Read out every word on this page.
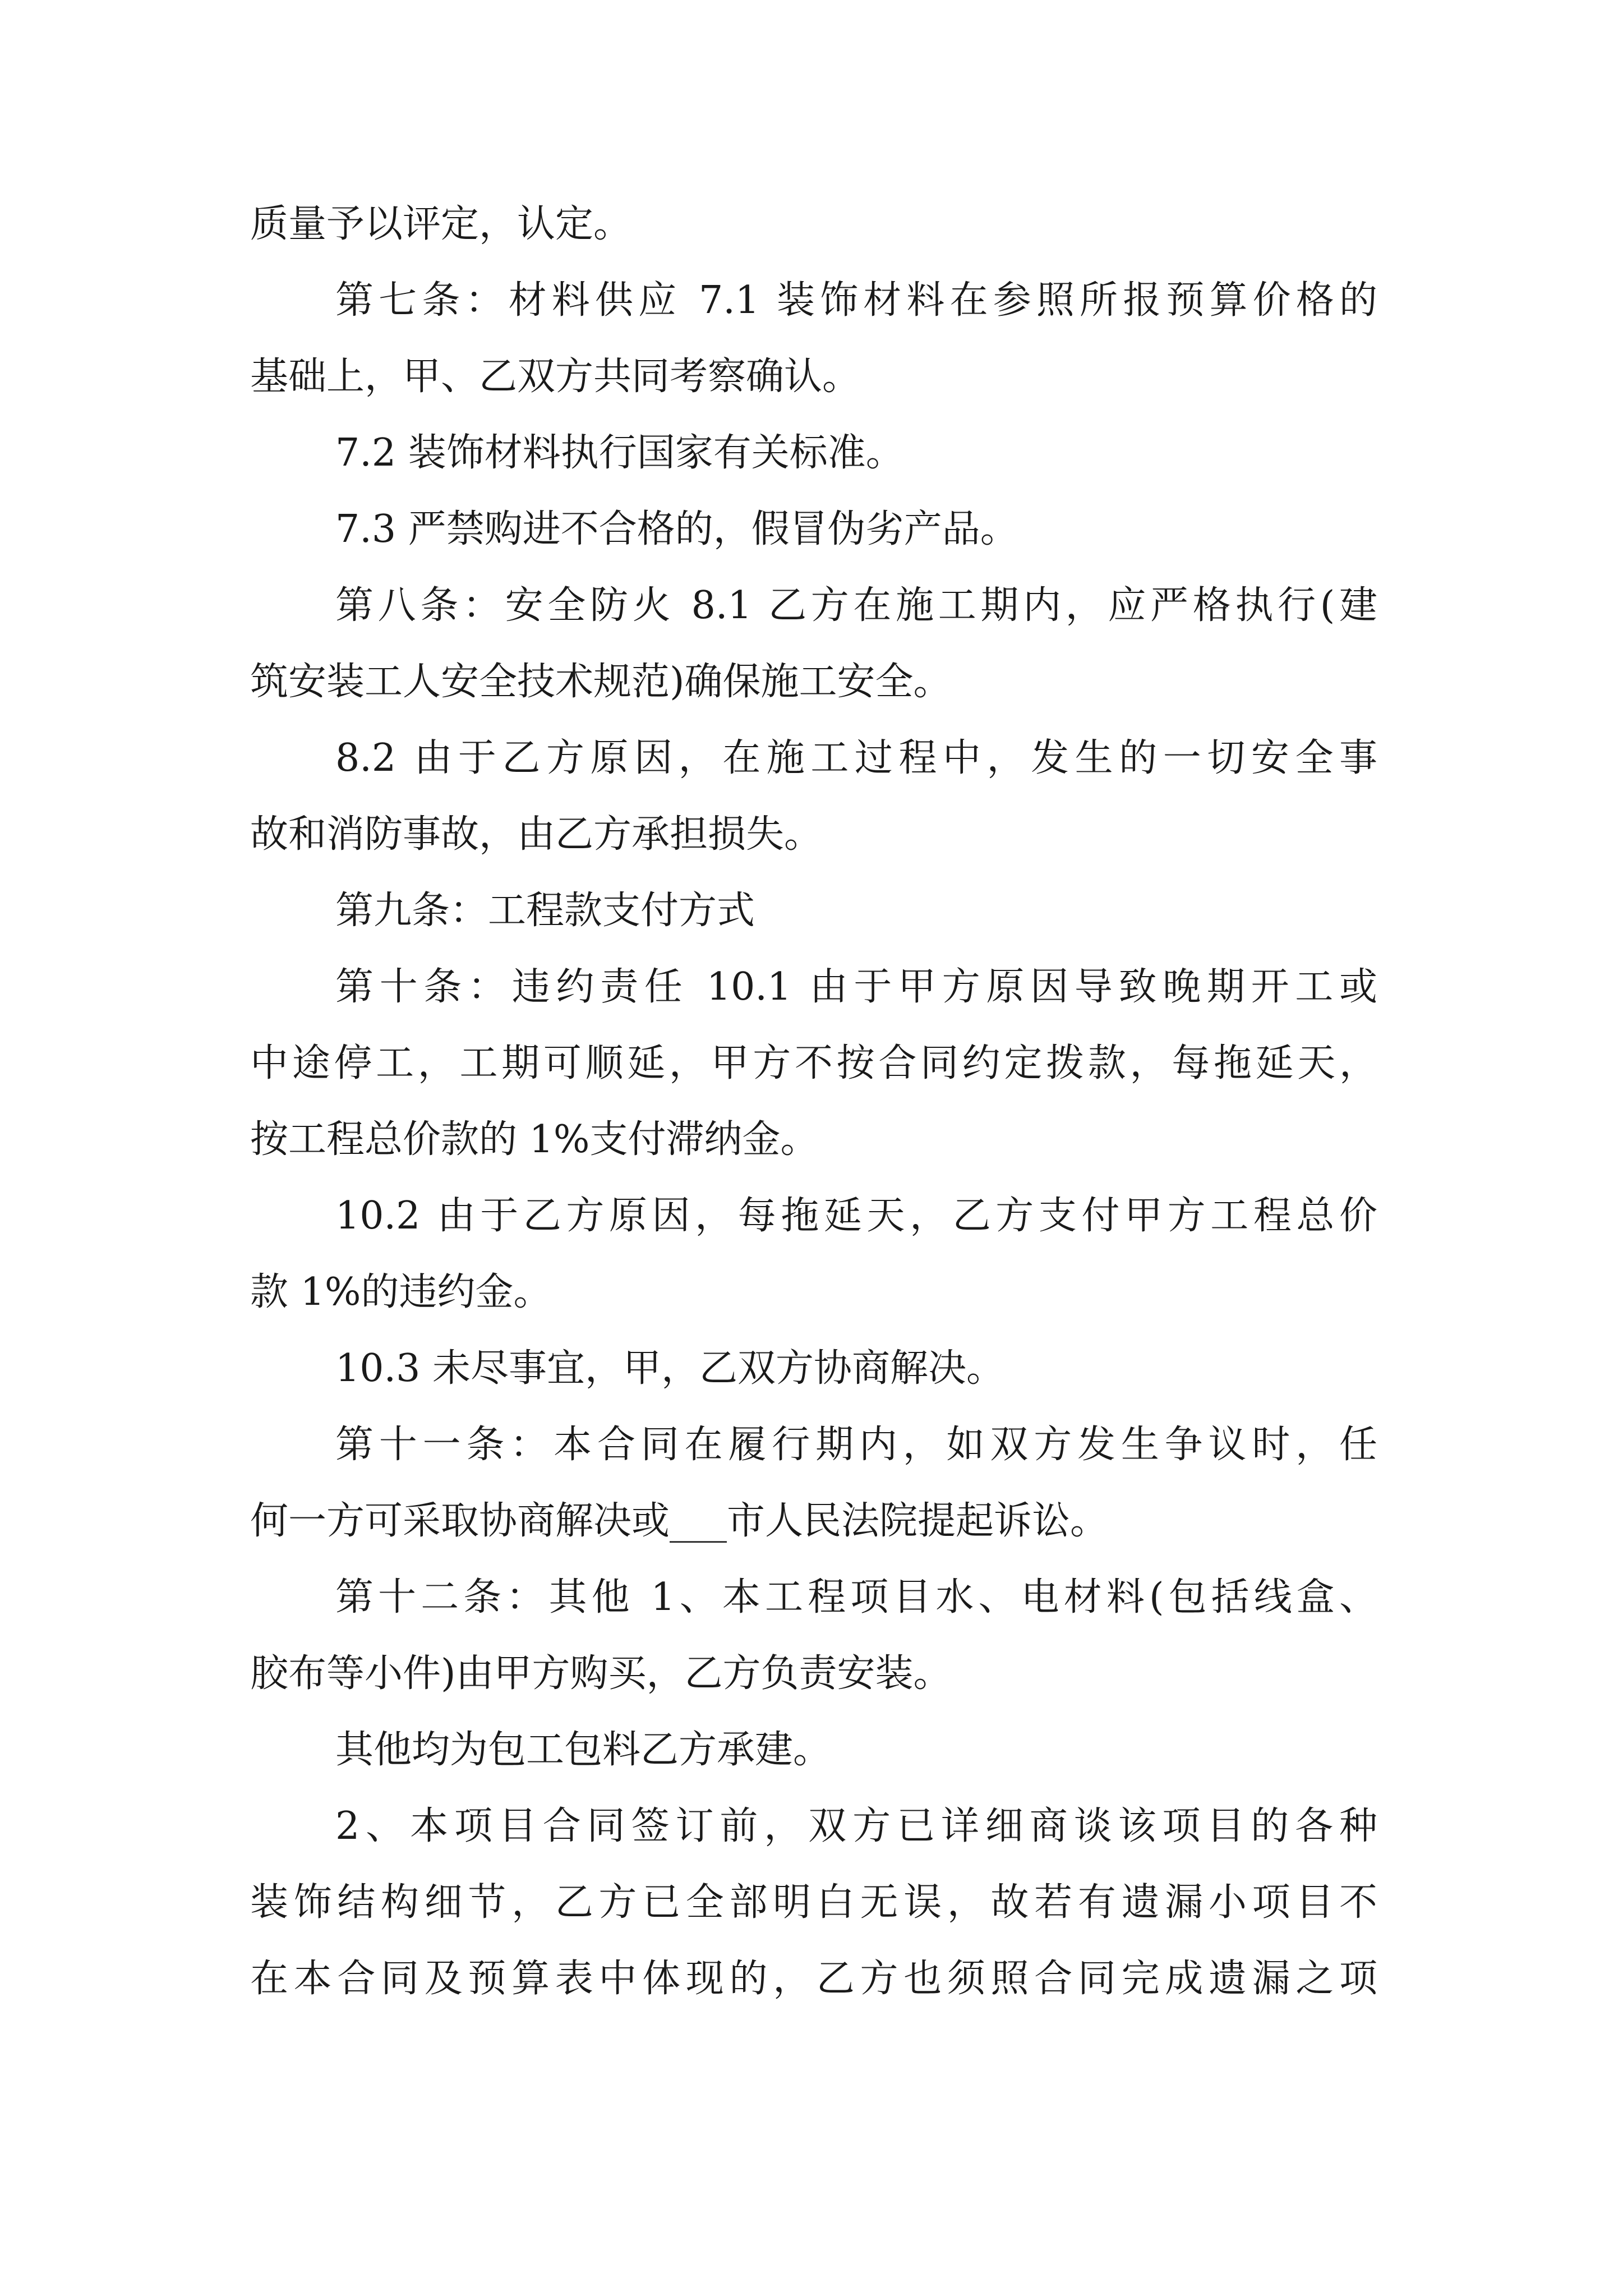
质量予以评定，认定。
第七条：材料供应 7.1 装饰材料在参照所报预算价格的
基础上，甲、乙双方共同考察确认。
7.2 装饰材料执行国家有关标准。
7.3 严禁购进不合格的，假冒伪劣产品。
第八条：安全防火 8.1 乙方在施工期内，应严格执行(建
筑安装工人安全技术规范)确保施工安全。
8.2 由于乙方原因，在施工过程中，发生的一切安全事
故和消防事故，由乙方承担损失。
第九条：工程款支付方式
第十条：违约责任 10.1 由于甲方原因导致晚期开工或
中途停工，工期可顺延，甲方不按合同约定拨款，每拖延天，
按工程总价款的 1%支付滞纳金。
10.2 由于乙方原因，每拖延天，乙方支付甲方工程总价
款 1%的违约金。
10.3 未尽事宜，甲，乙双方协商解决。
第十一条：本合同在履行期内，如双方发生争议时，任
何一方可采取协商解决或___市人民法院提起诉讼。
第十二条：其他 1、本工程项目水、电材料(包括线盒、
胶布等小件)由甲方购买，乙方负责安装。
其他均为包工包料乙方承建。
2、本项目合同签订前，双方已详细商谈该项目的各种
装饰结构细节，乙方已全部明白无误，故若有遗漏小项目不
在本合同及预算表中体现的，乙方也须照合同完成遗漏之项
